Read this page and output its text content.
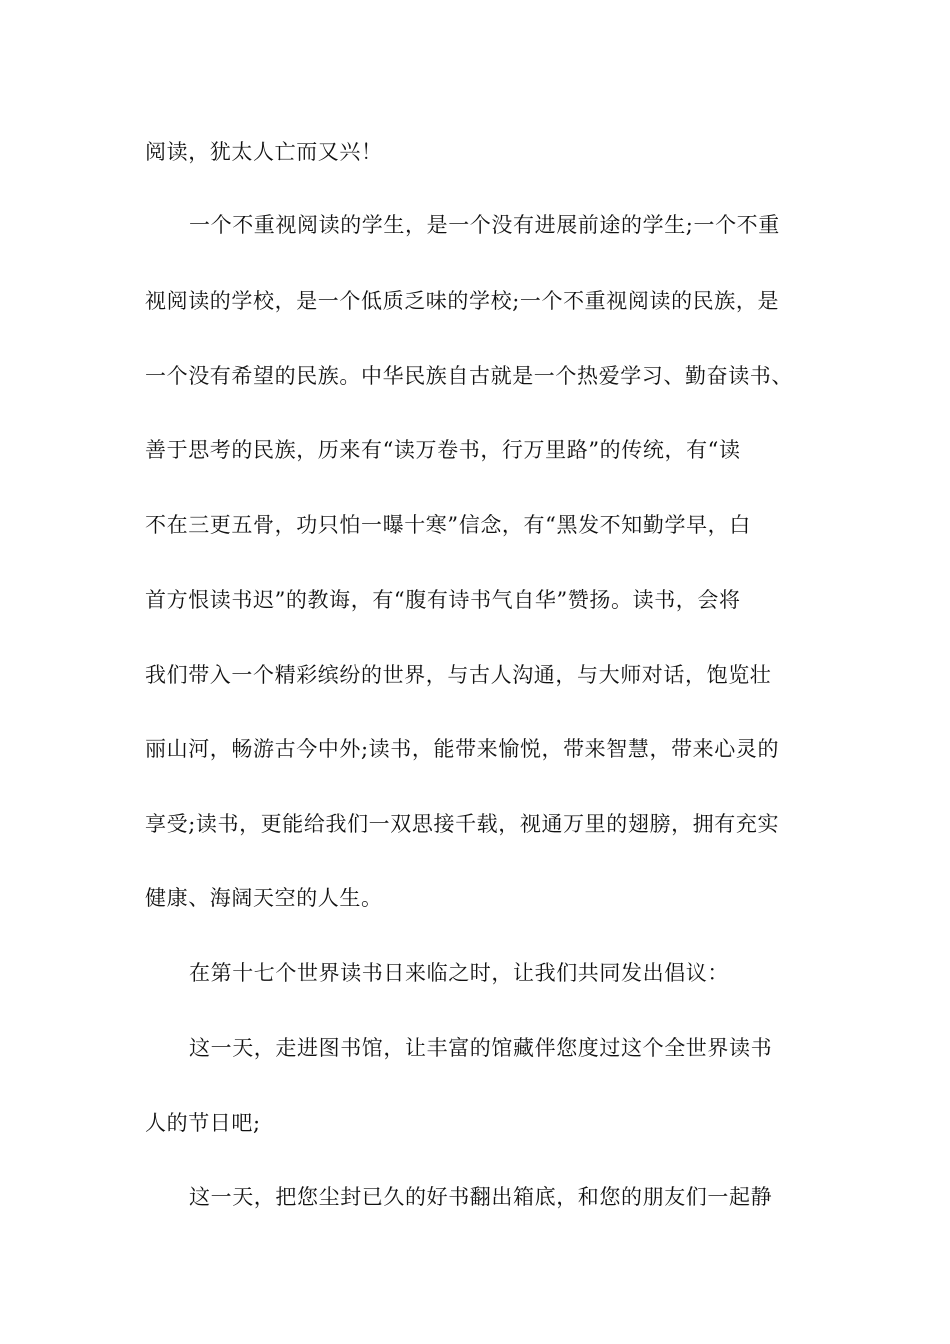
阅读，犹太人亡而又兴！
一个不重视阅读的学生，是一个没有进展前途的学生;一个不重
视阅读的学校，是一个低质乏味的学校;一个不重视阅读的民族，是
一个没有希望的民族。中华民族自古就是一个热爱学习、勤奋读书、
善于思考的民族，历来有“读万卷书，行万里路”的传统，有“读
不在三更五骨，功只怕一曝十寒”信念，有“黑发不知勤学早，白
首方恨读书迟”的教诲，有“腹有诗书气自华”赞扬。读书，会将
我们带入一个精彩缤纷的世界，与古人沟通，与大师对话，饱览壮
丽山河，畅游古今中外;读书，能带来愉悦，带来智慧，带来心灵的
享受;读书，更能给我们一双思接千载，视通万里的翅膀，拥有充实
健康、海阔天空的人生。
在第十七个世界读书日来临之时，让我们共同发出倡议：
这一天，走进图书馆，让丰富的馆藏伴您度过这个全世界读书
人的节日吧;
这一天，把您尘封已久的好书翻出箱底，和您的朋友们一起静
